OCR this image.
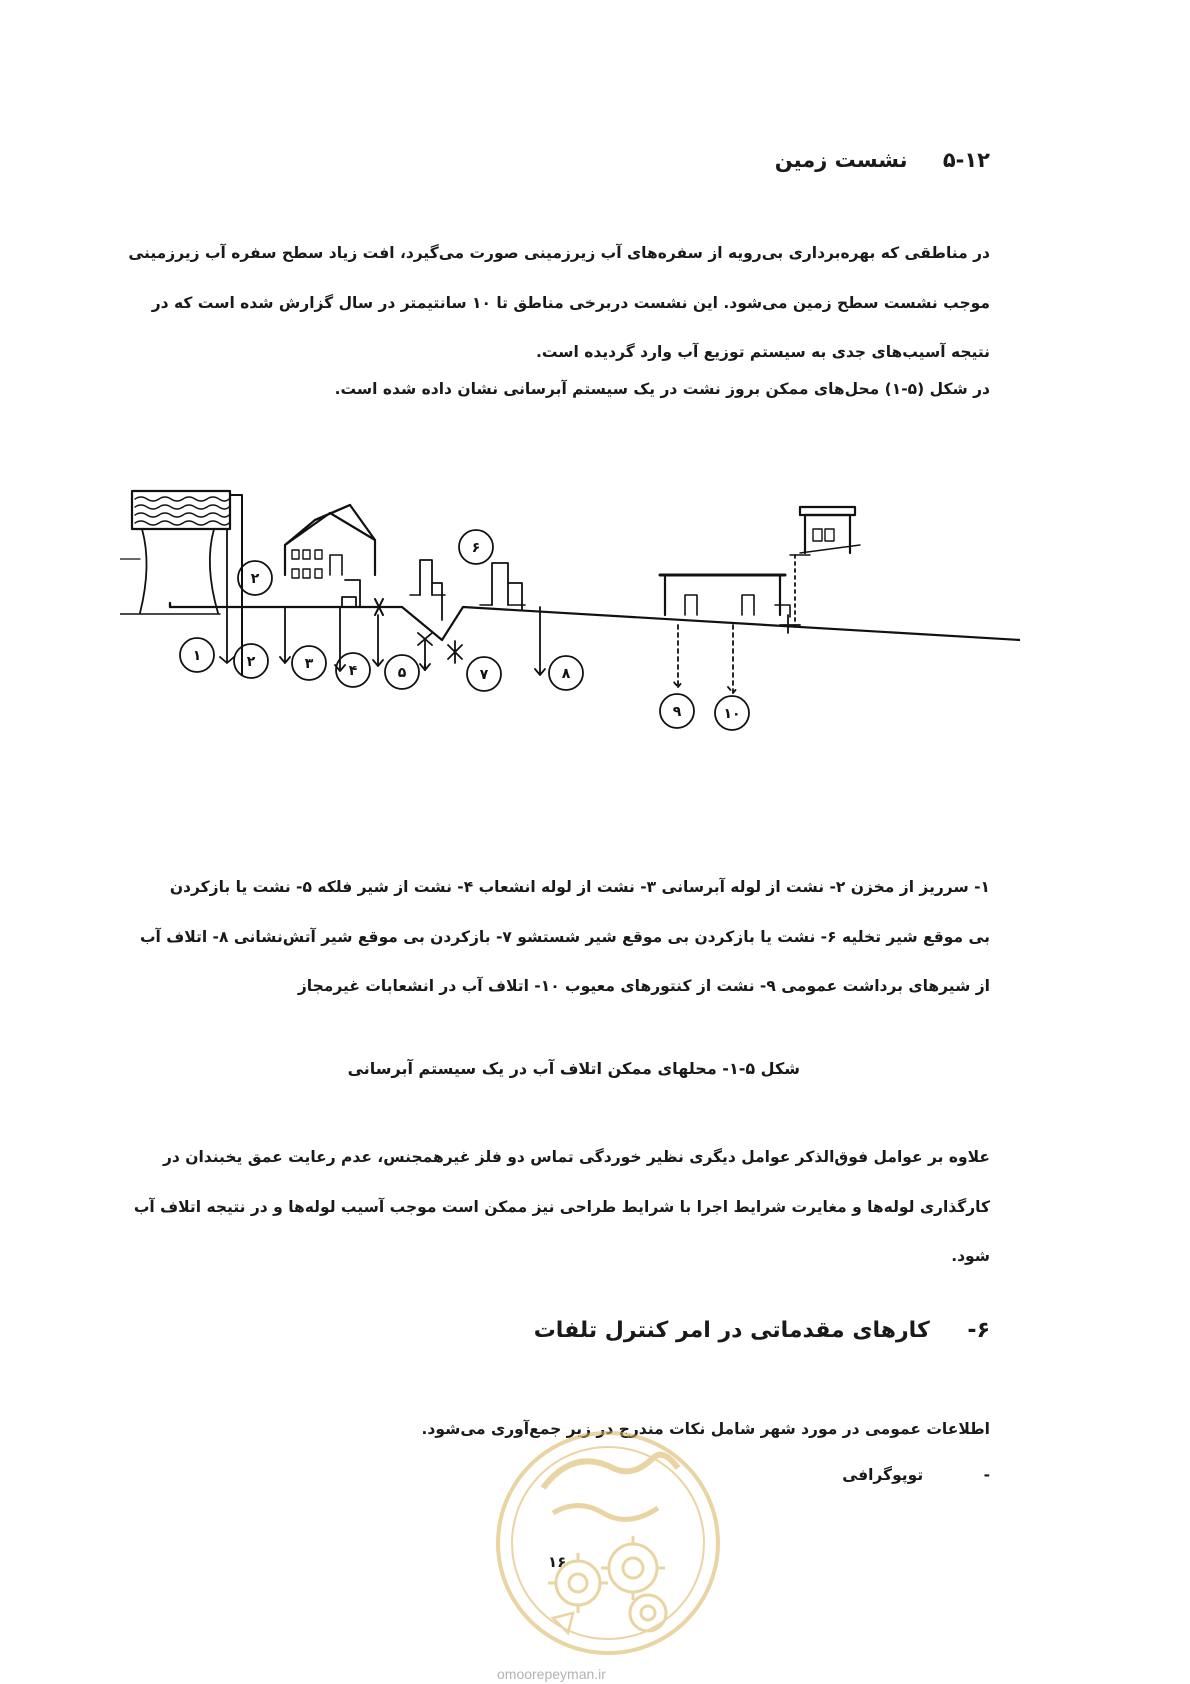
۵-۱۲ نشست زمین
در مناطقی که بهره‌برداری بی‌رویه از سفره‌های آب زیرزمینی صورت می‌گیرد، افت زیاد سطح سفره آب زیرزمینی
موجب نشست سطح زمین می‌شود. این نشست دربرخی مناطق تا ۱۰ سانتیمتر در سال گزارش شده است که در
نتیجه آسیب‌های جدی به سیستم توزیع آب وارد گردیده است.
در شکل (۵-۱) محل‌های ممکن بروز نشت در یک سیستم آبرسانی نشان داده شده است.
۱	۲	۳	۴	۵
۶
۷	۸
۹	۱۰
۲
۱- سرریز از مخزن ۲- نشت از لوله آبرسانی ۳- نشت از لوله انشعاب ۴- نشت از شیر فلکه ۵- نشت یا بازکردن
بی موقع شیر تخلیه ۶- نشت یا بازکردن بی موقع شیر شستشو ۷- بازکردن بی موقع شیر آتش‌نشانی ۸- اتلاف آب
از شیرهای برداشت عمومی ۹- نشت از کنتورهای معیوب ۱۰- اتلاف آب در انشعابات غیرمجاز
شکل ۵-۱- محلهای ممکن اتلاف آب در یک سیستم آبرسانی
علاوه بر عوامل فوق‌الذکر عوامل دیگری نظیر خوردگی تماس دو فلز غیرهمجنس، عدم رعایت عمق یخبندان در
کارگذاری لوله‌ها و مغایرت شرایط اجرا با شرایط طراحی نیز ممکن است موجب آسیب لوله‌ها و در نتیجه اتلاف آب
شود.
۶- کارهای مقدماتی در امر کنترل تلفات
اطلاعات عمومی در مورد شهر شامل نکات مندرج در زیر جمع‌آوری می‌شود.
- توپوگرافی
۱۶
omoorepeyman.ir
